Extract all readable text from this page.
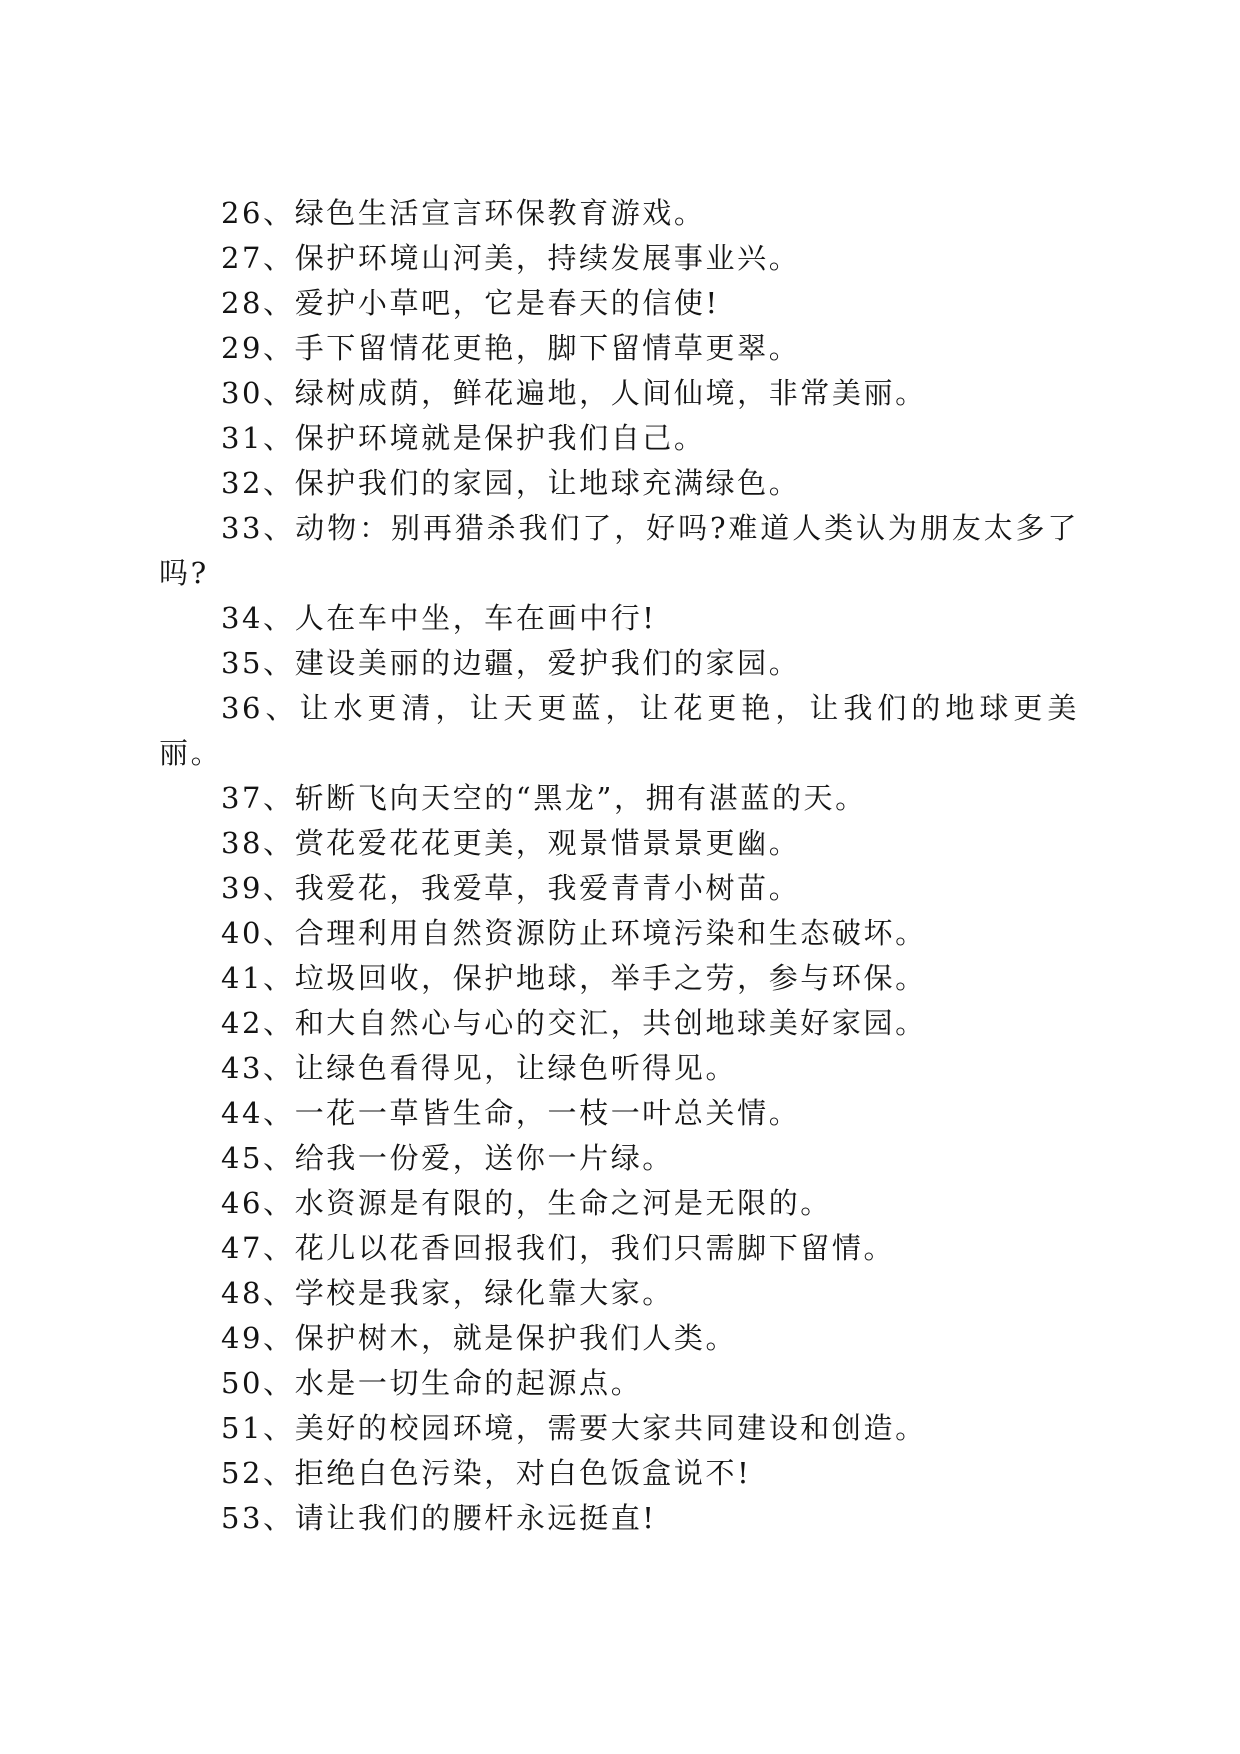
26、绿色生活宣言环保教育游戏。

27、保护环境山河美，持续发展事业兴。

28、爱护小草吧，它是春天的信使!

29、手下留情花更艳，脚下留情草更翠。

30、绿树成荫，鲜花遍地，人间仙境，非常美丽。

31、保护环境就是保护我们自己。

32、保护我们的家园，让地球充满绿色。

33、动物：别再猎杀我们了，好吗?难道人类认为朋友太多了吗?

34、人在车中坐，车在画中行!

35、建设美丽的边疆，爱护我们的家园。

36、让水更清，让天更蓝，让花更艳，让我们的地球更美丽。

37、斩断飞向天空的“黑龙”，拥有湛蓝的天。

38、赏花爱花花更美，观景惜景景更幽。

39、我爱花，我爱草，我爱青青小树苗。

40、合理利用自然资源防止环境污染和生态破坏。

41、垃圾回收，保护地球，举手之劳，参与环保。

42、和大自然心与心的交汇，共创地球美好家园。

43、让绿色看得见，让绿色听得见。

44、一花一草皆生命，一枝一叶总关情。

45、给我一份爱，送你一片绿。

46、水资源是有限的，生命之河是无限的。

47、花儿以花香回报我们，我们只需脚下留情。

48、学校是我家，绿化靠大家。

49、保护树木，就是保护我们人类。

50、水是一切生命的起源点。

51、美好的校园环境，需要大家共同建设和创造。

52、拒绝白色污染，对白色饭盒说不!

53、请让我们的腰杆永远挺直!
